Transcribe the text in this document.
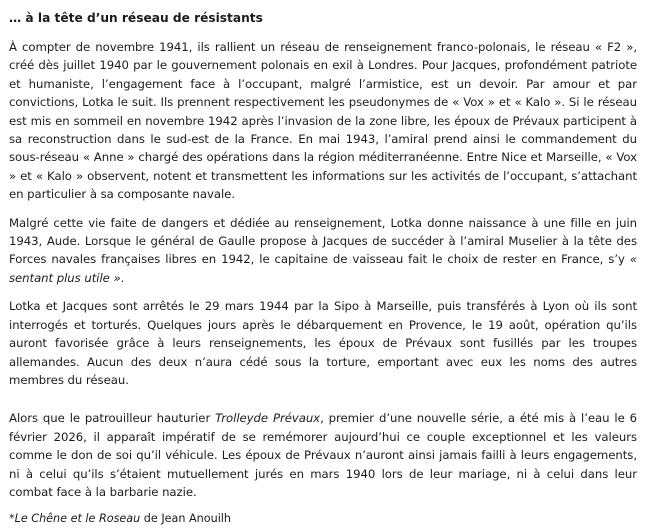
… à la tête d’un réseau de résistants

À compter de novembre 1941, ils rallient un réseau de renseignement franco-polonais, le réseau « F2 », créé dès juillet 1940 par le gouvernement polonais en exil à Londres. Pour Jacques, profondément patriote et humaniste, l’engagement face à l’occupant, malgré l’armistice, est un devoir. Par amour et par convictions, Lotka le suit. Ils prennent respectivement les pseudonymes de « Vox » et « Kalo ». Si le réseau est mis en sommeil en novembre 1942 après l’invasion de la zone libre, les époux de Prévaux participent à sa reconstruction dans le sud-est de la France. En mai 1943, l’amiral prend ainsi le commandement du sous-réseau « Anne » chargé des opérations dans la région méditerranéenne. Entre Nice et Marseille, « Vox » et « Kalo » observent, notent et transmettent les informations sur les activités de l’occupant, s’attachant en particulier à sa composante navale.

Malgré cette vie faite de dangers et dédiée au renseignement, Lotka donne naissance à une fille en juin 1943, Aude. Lorsque le général de Gaulle propose à Jacques de succéder à l’amiral Muselier à la tête des Forces navales françaises libres en 1942, le capitaine de vaisseau fait le choix de rester en France, s’y « sentant plus utile ».

Lotka et Jacques sont arrêtés le 29 mars 1944 par la Sipo à Marseille, puis transférés à Lyon où ils sont interrogés et torturés. Quelques jours après le débarquement en Provence, le 19 août, opération qu’ils auront favorisée grâce à leurs renseignements, les époux de Prévaux sont fusillés par les troupes allemandes. Aucun des deux n’aura cédé sous la torture, emportant avec eux les noms des autres membres du réseau.

Alors que le patrouilleur hauturier Trolleyde Prévaux, premier d’une nouvelle série, a été mis à l’eau le 6 février 2026, il apparaît impératif de se remémorer aujourd’hui ce couple exceptionnel et les valeurs comme le don de soi qu’il véhicule. Les époux de Prévaux n’auront ainsi jamais failli à leurs engagements, ni à celui qu’ils s’étaient mutuellement jurés en mars 1940 lors de leur mariage, ni à celui dans leur combat face à la barbarie nazie.

*Le Chêne et le Roseau de Jean Anouilh
